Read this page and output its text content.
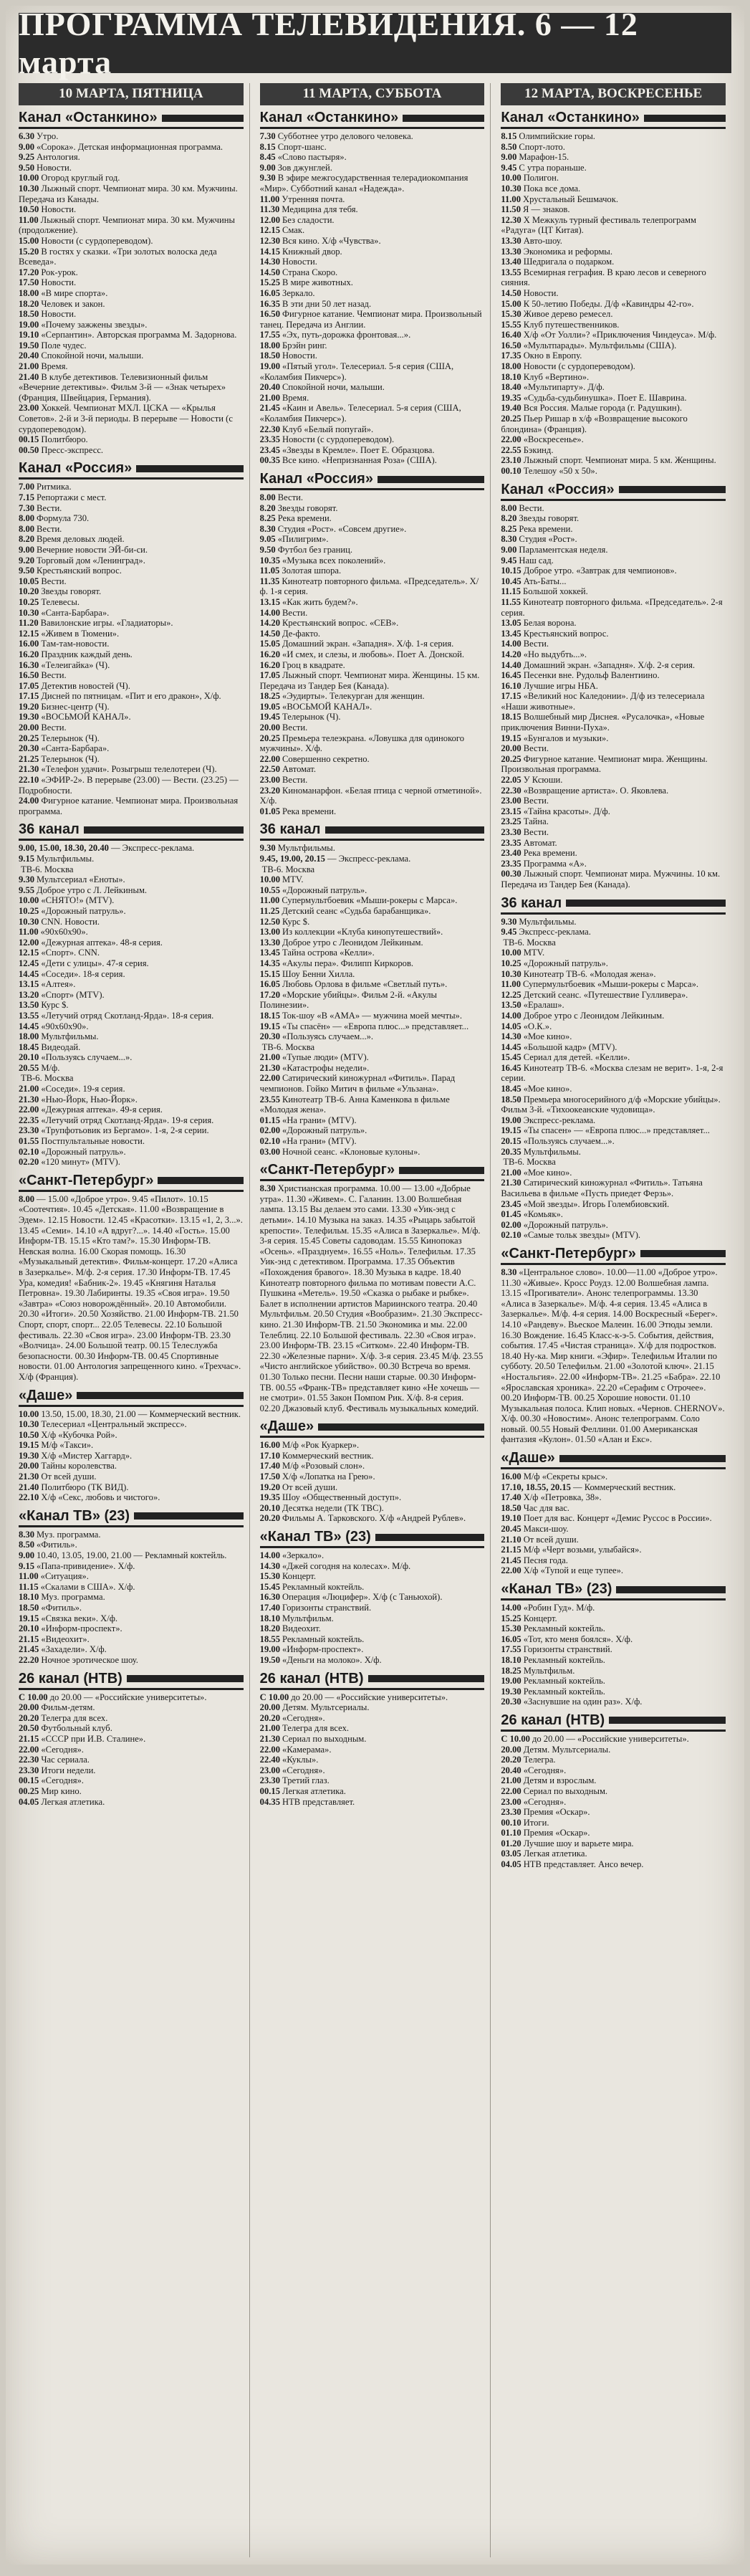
ПРОГРАММА ТЕЛЕВИДЕНИЯ. 6 — 12 марта
10 МАРТА, ПЯТНИЦА
Канал «Останкино»
6.30 Утро.
9.00 «Сорока». Детская информационная программа.
9.25 Антология.
9.50 Новости.
10.00 Огород круглый год.
10.30 Лыжный спорт. Чемпионат мира. 30 км. Мужчины. Передача из Канады.
10.50 Новости.
11.00 Лыжный спорт. Чемпионат мира. 30 км. Мужчины (продолжение).
15.00 Новости (с сурдопереводом).
15.20 В гостях у сказки. «Три золотых волоска деда Всеведа».
17.20 Рок-урок.
17.50 Новости.
18.00 «В мире спорта».
18.20 Человек и закон.
18.50 Новости.
19.00 «Почему зажжены звезды».
19.10 «Серпантин». Авторская программа М. Задорнова.
19.50 Поле чудес.
20.40 Спокойной ночи, малыши.
21.00 Время.
21.40 В клубе детективов. Телевизионный фильм «Вечерние детективы». Фильм 3-й — «Знак четырех» (Франция, Швейцария, Германия).
23.00 Хоккей. Чемпионат МХЛ. ЦСКА — «Крылья Советов». 2-й и 3-й периоды. В перерыве — Новости (с сурдопереводом).
00.15 Политбюро.
00.50 Пресс-экспресс.
Канал «Россия»
7.00 Ритмика.
7.15 Репортажи с мест.
7.30 Вести.
8.00 Формула 730.
8.00 Вести.
8.20 Время деловых людей.
9.00 Вечерние новости ЭЙ-би-си.
9.20 Торговый дом «Ленинград».
9.50 Крестьянский вопрос.
10.05 Вести.
10.20 Звезды говорят.
10.25 Телевесы.
10.30 «Санта-Барбара».
11.20 Вавилонские игры. «Гладиаторы».
12.15 «Живем в Тюмени».
16.00 Там-там-новости.
16.20 Праздник каждый день.
16.30 «Телеигайка» (Ч).
16.50 Вести.
17.05 Детектив новостей (Ч).
17.15 Дисней по пятницам. «Пит и его дракон», Х/ф.
19.20 Бизнес-центр (Ч).
19.30 «ВОСЬМОЙ КАНАЛ».
20.00 Вести.
20.25 Телерынок (Ч).
20.30 «Санта-Барбара».
21.25 Телерынок (Ч).
21.30 «Телефон удачи». Розыгрыш телелотереи (Ч).
22.10 «ЭФИР-2». В перерыве (23.00) — Вести. (23.25) — Подробности.
24.00 Фигурное катание. Чемпионат мира. Произвольная программа.
36 канал
9.00, 15.00, 18.30, 20.40 — Экспресс-реклама.
9.15 Мультфильмы.
ТВ-6. Москва
9.30 Мультсериал «Еноты».
9.55 Доброе утро с Л. Лейкиным.
10.00 «СНЯТО!» (MTV).
10.25 «Дорожный патруль».
10.30 CNN. Новости.
11.00 «90х60х90».
12.00 «Дежурная аптека». 48-я серия.
12.15 «Спорт». CNN.
12.45 «Дети с улицы». 47-я серия.
14.45 «Соседи». 18-я серия.
13.15 «Алтея».
13.20 «Спорт» (MTV).
13.50 Курс $.
13.55 «Летучий отряд Скотланд-Ярда». 18-я серия.
14.45 «90х60х90».
18.00 Мультфильмы.
18.45 Видеодай.
20.10 «Пользуясь случаем...».
20.55 М/ф.
ТВ-6. Москва
21.00 «Соседи». 19-я серия.
21.30 «Нью-Йорк, Нью-Йорк».
22.00 «Дежурная аптека». 49-я серия.
22.35 «Летучий отряд Скотланд-Ярда». 19-я серия.
23.30 «Трупфотьовик из Бергамо». 1-я, 2-я серии.
01.55 Постпультальные новости.
02.10 «Дорожный патруль».
02.20 «120 минут» (MTV).
«Санкт-Петербург»
8.00 — 15.00 «Доброе утро». 9.45 «Пилот». 10.15 «Соотечтия». 10.45 «Детская». 11.00 «Возвращение в Эдем». 12.15 Новости. 12.45 «Красотки». 13.15 «1, 2, 3...». 13.45 «Семи». 14.10 «А вдруг?...». 14.40 «Гость». 15.00 Информ-ТВ. 15.15 «Кто там?». 15.30 Информ-ТВ. Невская волна. 16.00 Скорая помощь. 16.30 «Музыкальный детектив». Фильм-концерт. 17.20 «Алиса в Зазеркалье». М/ф. 2-я серия. 17.30 Информ-ТВ. 17.45 Ура, комедия! «Бабник-2». 19.45 «Княгиня Наталья Петровна». 19.30 Лабиринты. 19.35 «Своя игра». 19.50 «Завтра» «Союз новорождённый». 20.10 Автомобили. 20.30 «Итоги». 20.50 Хозяйство. 21.00 Информ-ТВ. 21.50 Спорт, спорт, спорт... 22.05 Телевесы. 22.10 Большой фестиваль. 22.30 «Своя игра». 23.00 Информ-ТВ. 23.30 «Волчица». 24.00 Большой театр. 00.15 Телеслужба безопасности. 00.30 Информ-ТВ. 00.45 Спортивные новости. 01.00 Антология запрещенного кино. «Трехчас». Х/ф (Франция).
«Даше»
10.00 13.50, 15.00, 18.30, 21.00 — Коммерческий вестник.
10.30 Телесериал «Центральный экспресс».
10.50 Х/ф «Кубочка Рой».
19.15 М/ф «Такси».
19.30 Х/ф «Мистер Хаггард».
20.00 Тайны королевства.
21.30 От всей души.
21.40 Политбюро (ТК ВИД).
22.10 Х/ф «Секс, любовь и чистого».
«Канал ТВ» (23)
8.30 Муз. программа.
8.50 «Фитиль».
9.00 10.40, 13.05, 19.00, 21.00 — Рекламный коктейль.
9.15 «Папа-привидение». Х/ф.
11.00 «Ситуация».
11.15 «Скалами в США». Х/ф.
18.10 Муз. программа.
18.50 «Фитиль».
19.15 «Связка веки». Х/ф.
20.10 «Информ-проспект».
21.15 «Видеохит».
21.45 «Захадели». Х/ф.
22.20 Ночное эротическое шоу.
26 канал (НТВ)
C 10.00 до 20.00 — «Российские университеты».
20.00 Фильм-детям.
20.20 Телегра для всех.
20.50 Футбольный клуб.
21.15 «СССР при И.В. Сталине».
22.00 «Сегодня».
22.30 Час сериала.
23.30 Итоги недели.
00.15 «Сегодня».
00.25 Мир кино.
04.05 Легкая атлетика.
11 МАРТА, СУББОТА
Канал «Останкино»
7.30 Субботнее утро делового человека.
8.15 Спорт-шанс.
8.45 «Слово пастыря».
9.00 Зов джунглей.
9.30 В эфире межгосударственная телерадиокомпания «Мир». Субботний канал «Надежда».
11.00 Утренняя почта.
11.30 Медицина для тебя.
12.00 Без сладости.
12.15 Смак.
12.30 Вся кино. Х/ф «Чувства».
14.15 Книжный двор.
14.30 Новости.
14.50 Страна Скоро.
15.25 В мире животных.
16.05 Зеркало.
16.35 В эти дни 50 лет назад.
16.50 Фигурное катание. Чемпионат мира. Произвольный танец. Передача из Англии.
17.55 «Эх, путь-дорожка фронтовая...».
18.00 Брэйн ринг.
18.50 Новости.
19.00 «Пятый угол». Телесериал. 5-я серия (США, «Коламбия Пикчерс»).
20.40 Спокойной ночи, малыши.
21.00 Время.
21.45 «Каин и Авель». Телесериал. 5-я серия (США, «Коламбия Пикчерс»).
22.30 Клуб «Белый попугай».
23.35 Новости (с сурдопереводом).
23.45 «Звезды в Кремле». Поет Е. Образцова.
00.35 Все кино. «Непризнанная Роза» (США).
Канал «Россия»
8.00 Вести.
8.20 Звезды говорят.
8.25 Река времени.
8.30 Студия «Рост». «Совсем другие».
9.05 «Пилигрим».
9.50 Футбол без границ.
10.35 «Музыка всех поколений».
11.05 Золотая шпора.
11.35 Кинотеатр повторного фильма. «Председатель». Х/ф. 1-я серия.
13.15 «Как жить будем?».
14.00 Вести.
14.20 Крестьянский вопрос. «СЕВ».
14.50 Де-факто.
15.05 Домашний экран. «Западня». Х/ф. 1-я серия.
16.20 «И смех, и слезы, и любовь». Поет А. Донской.
16.20 Гроц в квадрате.
17.05 Лыжный спорт. Чемпионат мира. Женщины. 15 км. Передача из Тандер Бея (Канада).
18.25 «Эудирты». Телекурган для женщин.
19.05 «ВОСЬМОЙ КАНАЛ».
19.45 Телерынок (Ч).
20.00 Вести.
20.25 Премьера телеэкрана. «Ловушка для одинокого мужчины». Х/ф.
22.00 Совершенно секретно.
22.50 Автомат.
23.00 Вести.
23.20 Киноманарфон. «Белая птица с черной отметиной». Х/ф.
01.05 Река времени.
36 канал
9.30 Мультфильмы.
9.45, 19.00, 20.15 — Экспресс-реклама.
ТВ-6. Москва
10.00 MTV.
10.55 «Дорожный патруль».
11.00 Супермультбоевик «Мыши-рокеры с Марса».
11.25 Детский сеанс «Судьба барабанщика».
12.50 Курс $.
13.00 Из коллекции «Клуба кинопутешествий».
13.30 Доброе утро с Леонидом Лейкиным.
13.45 Тайна острова «Келли».
14.35 «Акулы пера». Филипп Киркоров.
15.15 Шоу Бенни Хилла.
16.05 Любовь Орлова в фильме «Светлый путь».
17.20 «Морские убийцы». Фильм 2-й. «Акулы Полинезии».
18.15 Ток-шоу «В «АМА» — мужчина моей мечты».
19.15 «Ты спасён» — «Европа плюс...» представляет...
20.30 «Пользуясь случаем...».
ТВ-6. Москва
21.00 «Тупые люди» (MTV).
21.30 «Катастрофы недели».
22.00 Сатирический киножурнал «Фитиль». Парад чемпионов. Гойко Митич в фильме «Ульзана».
23.55 Кинотеатр ТВ-6. Анна Каменкова в фильме «Молодая жена».
01.15 «На грани» (MTV).
02.00 «Дорожный патруль».
02.10 «На грани» (MTV).
03.00 Ночной сеанс. «Клоновые кулоны».
«Санкт-Петербург»
8.30 Христианская программа. 10.00 — 13.00 «Добрые утра». 11.30 «Живем». С. Галанин. 13.00 Волшебная лампа. 13.15 Вы делаем это сами. 13.30 «Уик-энд с детьми». 14.10 Музыка на заказ. 14.35 «Рыцарь забытой крепости». Телефильм. 15.35 «Алиса в Зазеркалье». М/ф. 3-я серия. 15.45 Советы садоводам. 15.55 Кинопоказ «Осень». «Празднуем». 16.55 «Ноль». Телефильм. 17.35 Уик-энд с детективом. Программа. 17.35 Объектив «Похождения бравого». 18.30 Музыка в кадре. 18.40 Кинотеатр повторного фильма по мотивам повести А.С. Пушкина «Метель». 19.50 «Сказка о рыбаке и рыбке». Балет в исполнении артистов Мариинского театра. 20.40 Мультфильм. 20.50 Студия «Вообразим». 21.30 Экспресс-кино. 21.30 Информ-ТВ. 21.50 Экономика и мы. 22.00 Телеблиц. 22.10 Большой фестиваль. 22.30 «Своя игра». 23.00 Информ-ТВ. 23.15 «Ситком». 22.40 Информ-ТВ. 22.30 «Железные парни». Х/ф. 3-я серия. 23.45 М/ф. 23.55 «Чисто английское убийство». 00.30 Встреча во время. 01.30 Только песни. Песни наши старые. 00.30 Информ-ТВ. 00.55 «Франк-ТВ» представляет кино «Не хочешь — не смотри». 01.55 Закон Помпом Рик. Х/ф. 8-я серия. 02.20 Джазовый клуб. Фестиваль музыкальных комедий.
«Даше»
16.00 М/ф «Рок Куаркер».
17.10 Коммерческий вестник.
17.40 М/ф «Розовый слон».
17.50 Х/ф «Лопатка на Грею».
19.20 От всей души.
19.35 Шоу «Общественный доступ».
20.10 Десятка недели (ТК ТВС).
20.20 Фильмы А. Тарковского. Х/ф «Андрей Рублев».
«Канал ТВ» (23)
14.00 «Зеркало».
14.30 «Джей согодня на колесах». М/ф.
15.30 Концерт.
15.45 Рекламный коктейль.
16.30 Операция «Люцифер». Х/ф (с Таньюхой).
17.40 Горизонты странствий.
18.10 Мультфильм.
18.20 Видеохит.
18.55 Рекламный коктейль.
19.00 «Информ-проспект».
19.50 «Деньги на молоко». Х/ф.
26 канал (НТВ)
C 10.00 до 20.00 — «Российские университеты».
20.00 Детям. Мультсериалы.
20.20 «Сегодня».
21.00 Телегра для всех.
21.30 Сериал по выходным.
22.00 «Камерама».
22.40 «Куклы».
23.00 «Сегодня».
23.30 Третий глаз.
00.15 Легкая атлетика.
04.35 НТВ представляет.
12 МАРТА, ВОСКРЕСЕНЬЕ
Канал «Останкино»
8.15 Олимпийские горы.
8.50 Спорт-лото.
9.00 Марафон-15.
9.45 С утра пораньше.
10.00 Полигон.
10.30 Пока все дома.
11.00 Хрустальный Бешмачок.
11.50 Я — знаков.
12.30 Х Межкуль турный фестиваль телепрограмм «Радуга» (ЦТ Китая).
13.30 Авто-шоу.
13.30 Экономика и реформы.
13.40 Шедригала о подарком.
13.55 Всемирная геграфия. В краю лесов и северного сияния.
14.50 Новости.
15.00 К 50-летию Победы. Д/ф «Кавиндры 42-го».
15.30 Живое дерево ремесел.
15.55 Клуб путешественников.
16.40 Х/ф «От Уолли»? «Приключения Чиндеуса». М/ф.
16.50 «Мультпарады». Мультфильмы (США).
17.35 Окно в Европу.
18.00 Новости (с сурдопереводом).
18.10 Клуб «Вертино».
18.40 «Мультипарту». Д/ф.
19.35 «Судьба-судьбинушка». Поет Е. Шаврина.
19.40 Вся Россия. Малые города (г. Радушкин).
20.25 Пьер Ришар в х/ф «Возвращение высокого блондина» (Франция).
22.00 «Воскресенье».
22.55 Бэкинд.
23.10 Лыжный спорт. Чемпионат мира. 5 км. Женщины.
00.10 Телешоу «50 х 50».
Канал «Россия»
8.00 Вести.
8.20 Звезды говорят.
8.25 Река времени.
8.30 Студия «Рост».
9.00 Парламентская неделя.
9.45 Наш сад.
10.15 Доброе утро. «Завтрак для чемпионов».
10.45 Ать-Баты...
11.15 Большой хоккей.
11.55 Кинотеатр повторного фильма. «Председатель». 2-я серия.
13.05 Белая ворона.
13.45 Крестьянский вопрос.
14.00 Вести.
14.20 «Но выдубть...».
14.40 Домашний экран. «Западня». Х/ф. 2-я серия.
16.45 Песенки вне. Рудольф Валентиино.
16.10 Лучшие игры НБА.
17.15 «Великий нос Каледонии». Д/ф из телесериала «Наши животные».
18.15 Волшебный мир Диснея. «Русалочка», «Новые приключения Винни-Пуха».
19.15 «Бунгалов и музыки».
20.00 Вести.
20.25 Фигурное катание. Чемпионат мира. Женщины. Произвольная программа.
22.05 У Ксюши.
22.30 «Возвращение артиста». О. Яковлева.
23.00 Вести.
23.15 «Тайна красоты». Д/ф.
23.25 Тайна.
23.30 Вести.
23.35 Автомат.
23.40 Река времени.
23.35 Программа «А».
00.30 Лыжный спорт. Чемпионат мира. Мужчины. 10 км. Передача из Тандер Бея (Канада).
36 канал
9.30 Мультфильмы.
9.45 Экспресс-реклама.
ТВ-6. Москва
10.00 MTV.
10.25 «Дорожный патруль».
10.30 Кинотеатр ТВ-6. «Молодая жена».
11.00 Супермультбоевик «Мыши-рокеры с Марса».
12.25 Детский сеанс. «Путешествие Гулливера».
13.50 «Ералаш».
14.00 Доброе утро с Леонидом Лейкиным.
14.05 «О.К.».
14.30 «Мое кино».
14.45 «Большой кадр» (MTV).
15.45 Сериал для детей. «Келли».
16.45 Кинотеатр ТВ-6. «Москва слезам не верит». 1-я, 2-я серии.
18.45 «Мое кино».
18.50 Премьера многосерийного д/ф «Морские убийцы». Фильм 3-й. «Тихоокеанские чудовища».
19.00 Экспресс-реклама.
19.15 «Ты спасен» — «Европа плюс...» представляет...
20.15 «Пользуясь случаем...».
20.35 Мультфильмы.
ТВ-6. Москва
21.00 «Мое кино».
21.30 Сатирический киножурнал «Фитиль». Татьяна Васильева в фильме «Пусть приедет Ферзь».
23.45 «Мой звезды». Игорь Голембиовский.
01.45 «Комьяк».
02.00 «Дорожный патруль».
02.10 «Самые тольк звезды» (MTV).
«Санкт-Петербург»
8.30 «Центральное слово». 10.00—11.00 «Доброе утро». 11.30 «Живые». Кросс Роудз. 12.00 Волшебная лампа. 13.15 «Прогиватели». Анонс телепрограммы. 13.30 «Алиса в Зазеркалье». М/ф. 4-я серия. 13.45 «Алиса в Зазеркалье». М/ф. 4-я серия. 14.00 Воскресный «Берег». 14.10 «Рандеву». Вьеское Малеин. 16.00 Этюды земли. 16.30 Вождение. 16.45 Класс-к-э-5. События, действия, события. 17.45 «Чистая страница». Х/ф для подростков. 18.40 Ну-ка. Мир книги. «Эфир». Телефильм Италии по субботу. 20.50 Телефильм. 21.00 «Золотой ключ». 21.15 «Ностальгия». 22.00 «Информ-ТВ». 21.25 «Бабра». 22.10 «Ярославская хроника». 22.20 «Серафим с Отрочее». 00.20 Информ-ТВ. 00.25 Хорошие новости. 01.10 Музыкальная полоса. Клип новых. «Чернов. CHERNOV». Х/ф. 00.30 «Новостим». Анонс телепрограмм. Соло новый. 00.55 Новый Феллини. 01.00 Американская фантазия «Кулон». 01.50 «Алан и Екс».
«Даше»
16.00 М/ф «Секреты крыс».
17.10, 18.55, 20.15 — Коммерческий вестник.
17.40 Х/ф «Петровка, 38».
18.50 Час для вас.
19.10 Поет для вас. Концерт «Демис Руссос в России».
20.45 Макси-шоу.
21.10 От всей души.
21.15 М/ф «Черт возьми, улыбайся».
21.45 Песня года.
22.00 Х/ф «Тупой и еще тупее».
«Канал ТВ» (23)
14.00 «Робин Гуд». М/ф.
15.25 Концерт.
15.30 Рекламный коктейль.
16.05 «Тот, кто меня боялся». Х/ф.
17.55 Горизонты странствий.
18.10 Рекламный коктейль.
18.25 Мультфильм.
19.00 Рекламный коктейль.
19.30 Рекламный коктейль.
20.30 «Заснувшие на один раз». Х/ф.
26 канал (НТВ)
C 10.00 до 20.00 — «Российские университеты».
20.00 Детям. Мультсериалы.
20.20 Телегра.
20.40 «Сегодня».
21.00 Детям и взрослым.
22.00 Сериал по выходным.
23.00 «Сегодня».
23.30 Премия «Оскар».
00.10 Итоги.
01.10 Премия «Оскар».
01.20 Лучшие шоу и варьете мира.
03.05 Легкая атлетика.
04.05 НТВ представляет. Ансо вечер.
